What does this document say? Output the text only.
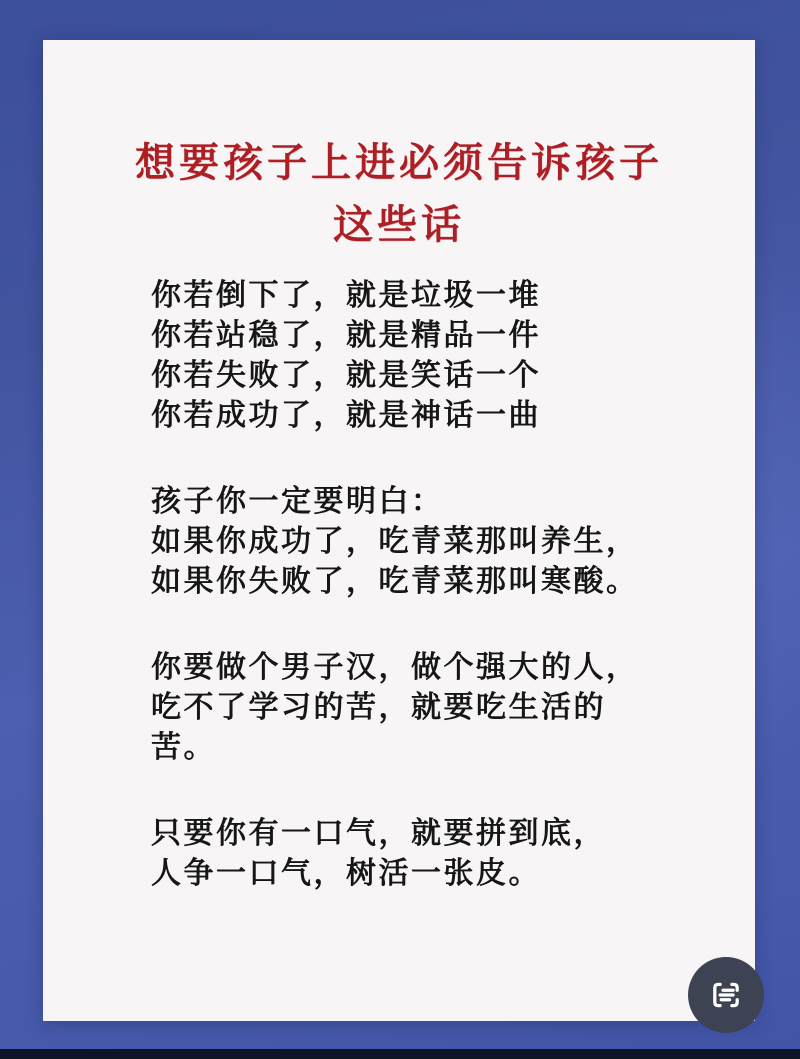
想要孩子上进必须告诉孩子
这些话

你若倒下了，就是垃圾一堆
你若站稳了，就是精品一件
你若失败了，就是笑话一个
你若成功了，就是神话一曲

孩子你一定要明白：
如果你成功了，吃青菜那叫养生，
如果你失败了，吃青菜那叫寒酸。

你要做个男子汉，做个强大的人，
吃不了学习的苦，就要吃生活的
苦。

只要你有一口气，就要拼到底，
人争一口气，树活一张皮。
